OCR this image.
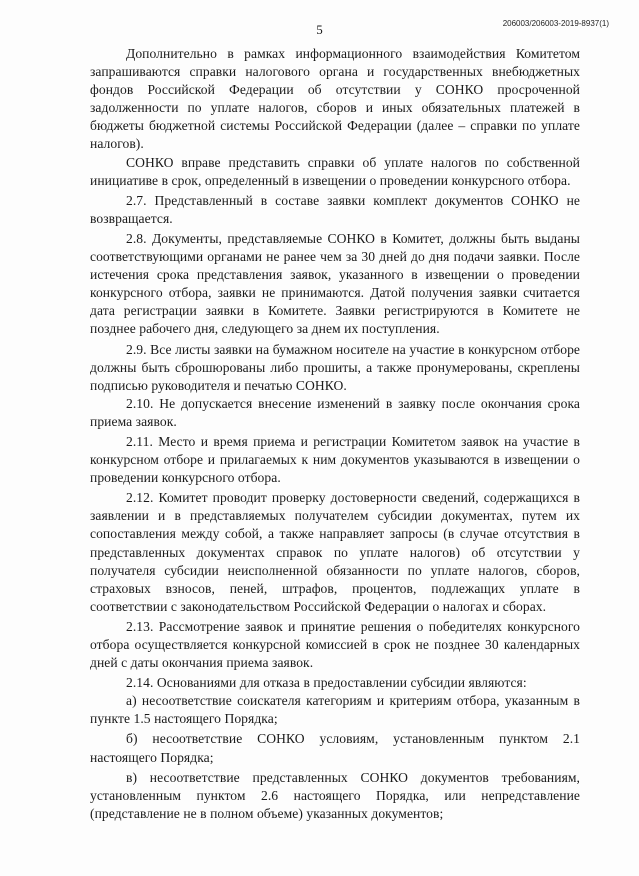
5	206003/206003-2019-8937(1)

Дополнительно в рамках информационного взаимодействия Комитетом запрашиваются справки налогового органа и государственных внебюджетных фондов Российской Федерации об отсутствии у СОНКО просроченной задолженности по уплате налогов, сборов и иных обязательных платежей в бюджеты бюджетной системы Российской Федерации (далее – справки по уплате налогов).

СОНКО вправе представить справки об уплате налогов по собственной инициативе в срок, определенный в извещении о проведении конкурсного отбора.

2.7. Представленный в составе заявки комплект документов СОНКО не возвращается.

2.8. Документы, представляемые СОНКО в Комитет, должны быть выданы соответствующими органами не ранее чем за 30 дней до дня подачи заявки. После истечения срока представления заявок, указанного в извещении о проведении конкурсного отбора, заявки не принимаются. Датой получения заявки считается дата регистрации заявки в Комитете. Заявки регистрируются в Комитете не позднее рабочего дня, следующего за днем их поступления.

2.9. Все листы заявки на бумажном носителе на участие в конкурсном отборе должны быть сброшюрованы либо прошиты, а также пронумерованы, скреплены подписью руководителя и печатью СОНКО.

2.10. Не допускается внесение изменений в заявку после окончания срока приема заявок.

2.11. Место и время приема и регистрации Комитетом заявок на участие в конкурсном отборе и прилагаемых к ним документов указываются в извещении о проведении конкурсного отбора.

2.12. Комитет проводит проверку достоверности сведений, содержащихся в заявлении и в представляемых получателем субсидии документах, путем их сопоставления между собой, а также направляет запросы (в случае отсутствия в представленных документах справок по уплате налогов) об отсутствии у получателя субсидии неисполненной обязанности по уплате налогов, сборов, страховых взносов, пеней, штрафов, процентов, подлежащих уплате в соответствии с законодательством Российской Федерации о налогах и сборах.

2.13. Рассмотрение заявок и принятие решения о победителях конкурсного отбора осуществляется конкурсной комиссией в срок не позднее 30 календарных дней с даты окончания приема заявок.

2.14. Основаниями для отказа в предоставлении субсидии являются:

а) несоответствие соискателя категориям и критериям отбора, указанным в пункте 1.5 настоящего Порядка;

б) несоответствие СОНКО условиям, установленным пунктом 2.1 настоящего Порядка;

в) несоответствие представленных СОНКО документов требованиям, установленным пунктом 2.6 настоящего Порядка, или непредставление (представление не в полном объеме) указанных документов;
